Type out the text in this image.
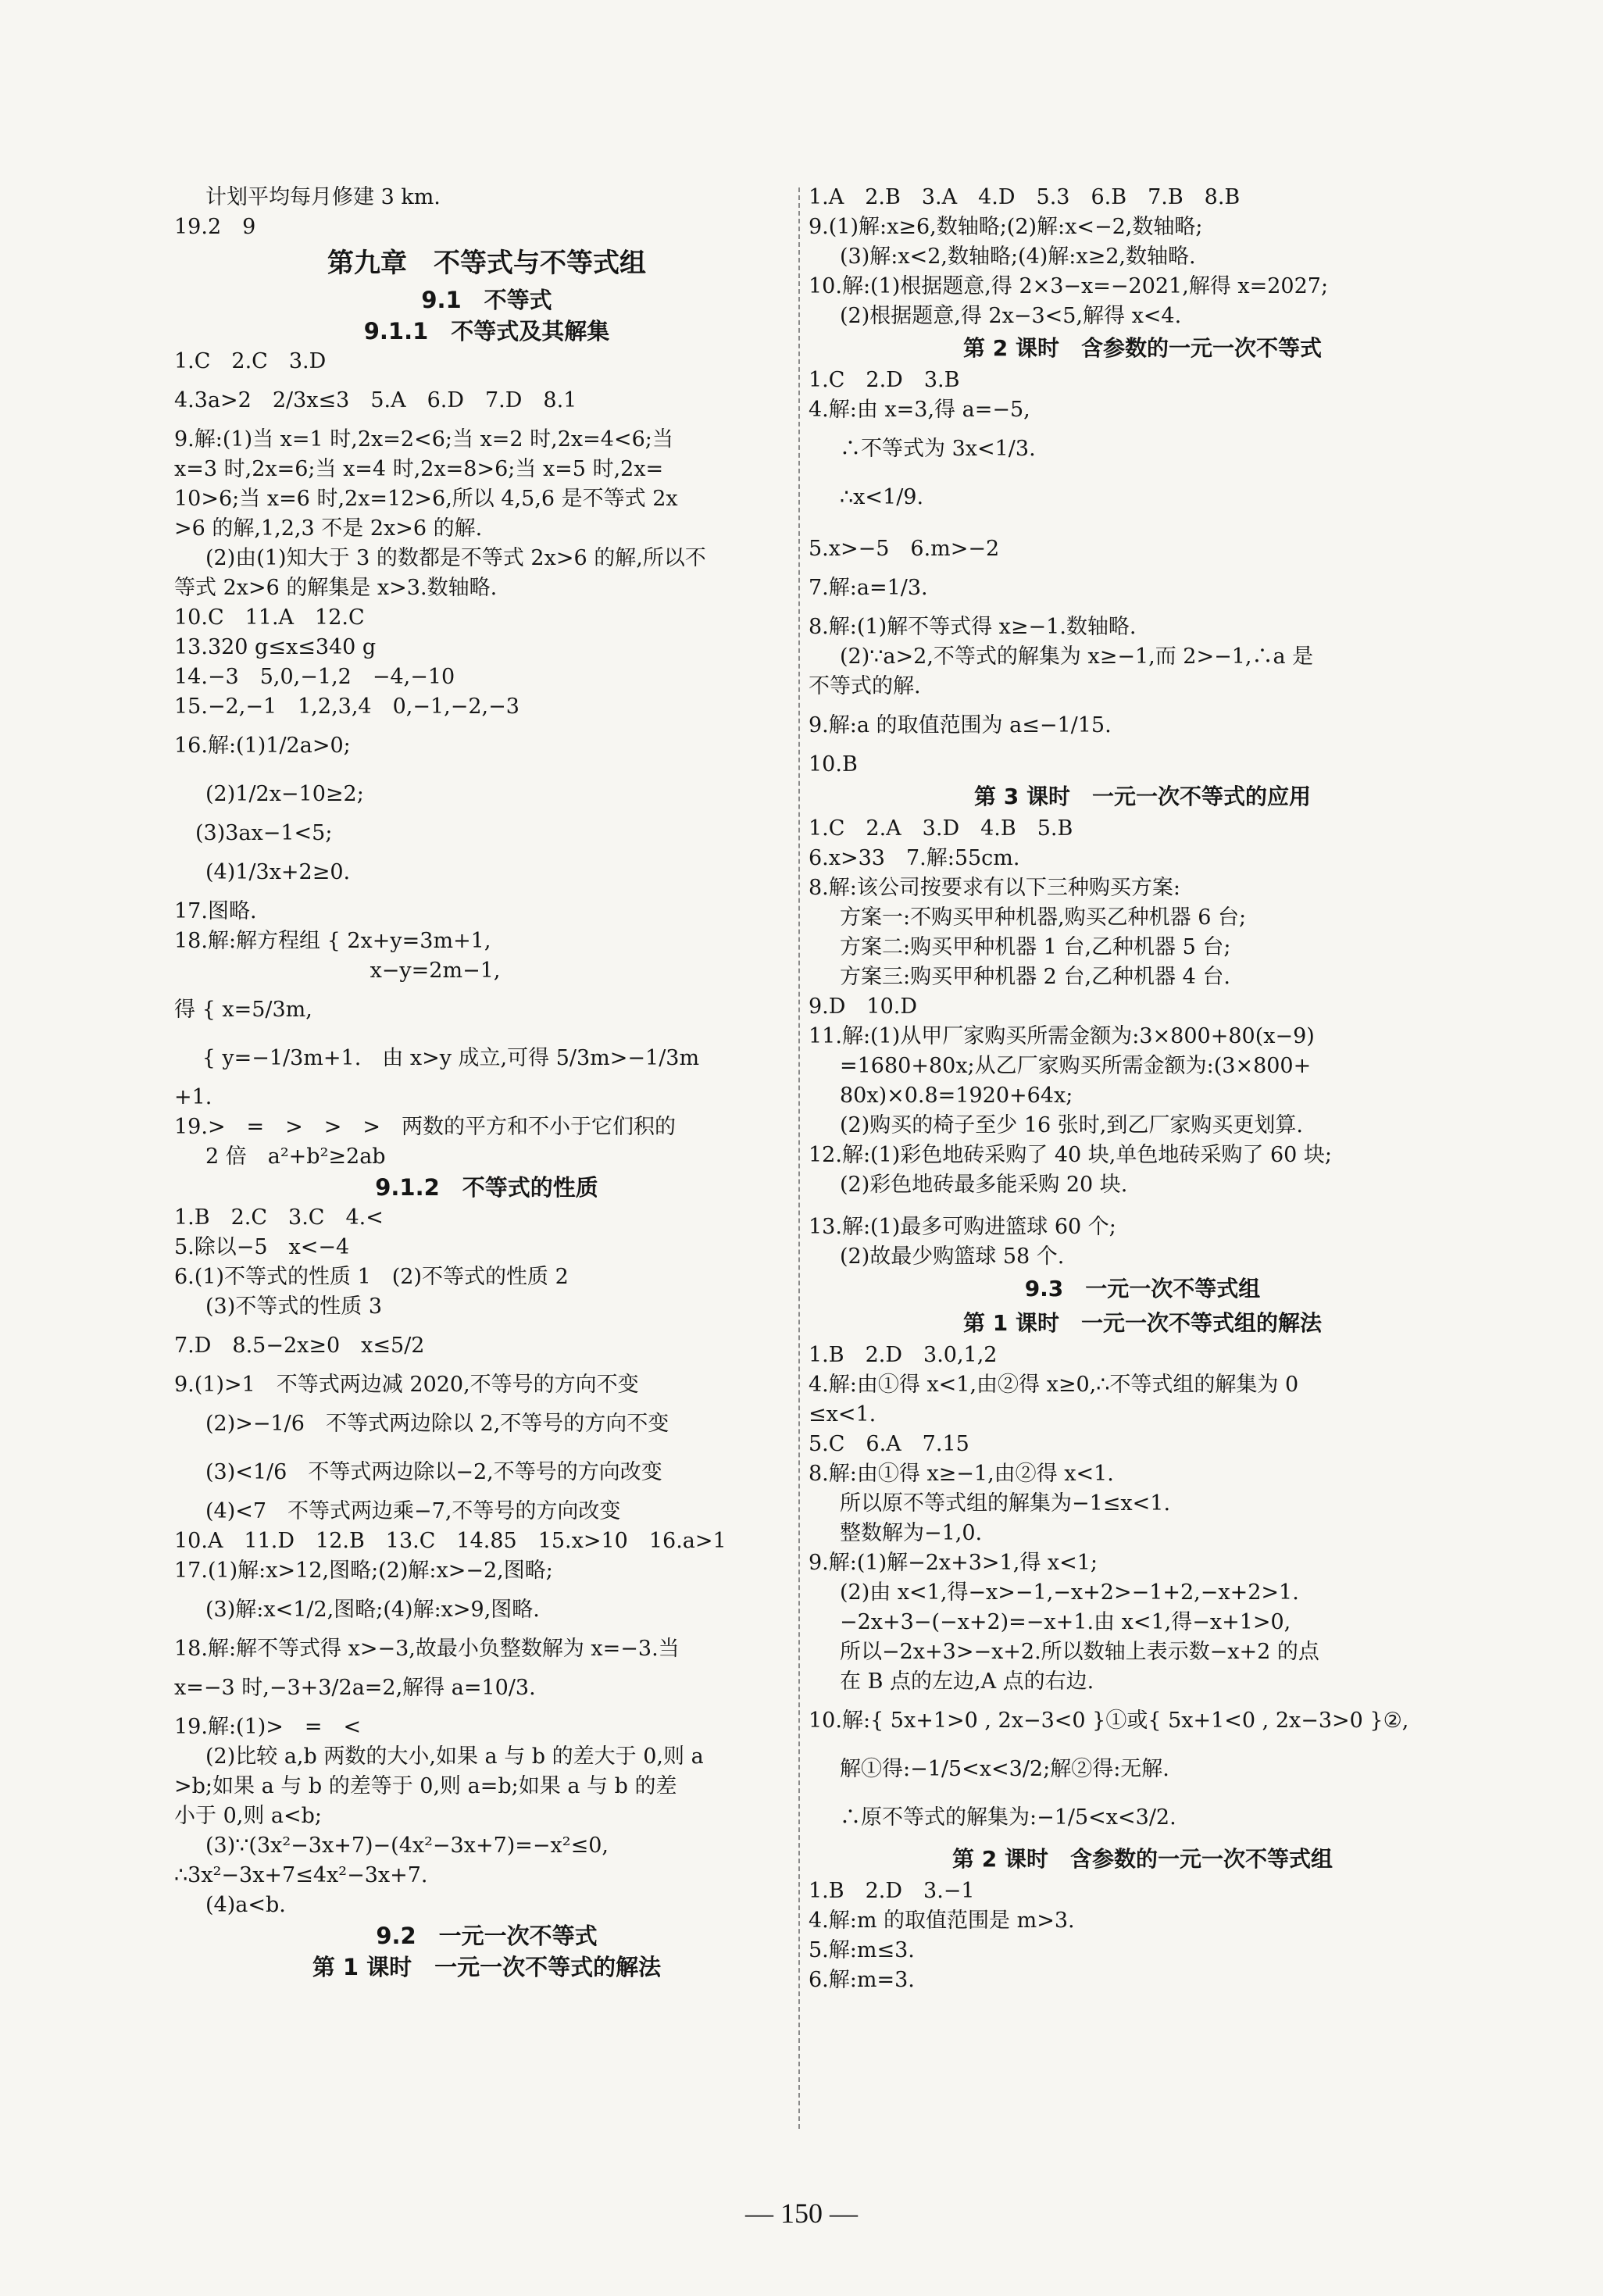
计划平均每月修建 3 km.
19.2　9
第九章　不等式与不等式组
9.1　不等式
9.1.1　不等式及其解集
1.C　2.C　3.D
4.3a>2　2/3x≤3　5.A　6.D　7.D　8.1
9.解:(1)当 x=1 时,2x=2<6;当 x=2 时,2x=4<6;当
x=3 时,2x=6;当 x=4 时,2x=8>6;当 x=5 时,2x=
10>6;当 x=6 时,2x=12>6,所以 4,5,6 是不等式 2x
>6 的解,1,2,3 不是 2x>6 的解.
(2)由(1)知大于 3 的数都是不等式 2x>6 的解,所以不
等式 2x>6 的解集是 x>3.数轴略.
10.C　11.A　12.C
13.320 g≤x≤340 g
14.−3　5,0,−1,2　−4,−10
15.−2,−1　1,2,3,4　0,−1,−2,−3
16.解:(1)1/2a>0;
(2)1/2x−10≥2;
　(3)3ax−1<5;
(4)1/3x+2≥0.
17.图略.
18.解:解方程组 { 2x+y=3m+1,
　　　　　　 x−y=2m−1,
得 { x=5/3m,
　 { y=−1/3m+1.　由 x>y 成立,可得 5/3m>−1/3m
+1.
19.>　=　>　>　>　两数的平方和不小于它们积的
2 倍　a²+b²≥2ab
9.1.2　不等式的性质
1.B　2.C　3.C　4.<
5.除以−5　x<−4
6.(1)不等式的性质 1　(2)不等式的性质 2
(3)不等式的性质 3
7.D　8.5−2x≥0　x≤5/2
9.(1)>1　不等式两边减 2020,不等号的方向不变
(2)>−1/6　不等式两边除以 2,不等号的方向不变
(3)<1/6　不等式两边除以−2,不等号的方向改变
(4)<7　不等式两边乘−7,不等号的方向改变
10.A　11.D　12.B　13.C　14.85　15.x>10　16.a>1
17.(1)解:x>12,图略;(2)解:x>−2,图略;
(3)解:x<1/2,图略;(4)解:x>9,图略.
18.解:解不等式得 x>−3,故最小负整数解为 x=−3.当
x=−3 时,−3+3/2a=2,解得 a=10/3.
19.解:(1)>　=　<
(2)比较 a,b 两数的大小,如果 a 与 b 的差大于 0,则 a
>b;如果 a 与 b 的差等于 0,则 a=b;如果 a 与 b 的差
小于 0,则 a<b;
(3)∵(3x²−3x+7)−(4x²−3x+7)=−x²≤0,
∴3x²−3x+7≤4x²−3x+7.
(4)a<b.
9.2　一元一次不等式
第 1 课时　一元一次不等式的解法
1.A　2.B　3.A　4.D　5.3　6.B　7.B　8.B
9.(1)解:x≥6,数轴略;(2)解:x<−2,数轴略;
(3)解:x<2,数轴略;(4)解:x≥2,数轴略.
10.解:(1)根据题意,得 2×3−x=−2021,解得 x=2027;
(2)根据题意,得 2x−3<5,解得 x<4.
第 2 课时　含参数的一元一次不等式
1.C　2.D　3.B
4.解:由 x=3,得 a=−5,
∴不等式为 3x<1/3.
∴x<1/9.
5.x>−5　6.m>−2
7.解:a=1/3.
8.解:(1)解不等式得 x≥−1.数轴略.
(2)∵a>2,不等式的解集为 x≥−1,而 2>−1,∴a 是
不等式的解.
9.解:a 的取值范围为 a≤−1/15.
10.B
第 3 课时　一元一次不等式的应用
1.C　2.A　3.D　4.B　5.B
6.x>33　7.解:55cm.
8.解:该公司按要求有以下三种购买方案:
方案一:不购买甲种机器,购买乙种机器 6 台;
方案二:购买甲种机器 1 台,乙种机器 5 台;
方案三:购买甲种机器 2 台,乙种机器 4 台.
9.D　10.D
11.解:(1)从甲厂家购买所需金额为:3×800+80(x−9)
=1680+80x;从乙厂家购买所需金额为:(3×800+
80x)×0.8=1920+64x;
(2)购买的椅子至少 16 张时,到乙厂家购买更划算.
12.解:(1)彩色地砖采购了 40 块,单色地砖采购了 60 块;
(2)彩色地砖最多能采购 20 块.
13.解:(1)最多可购进篮球 60 个;
(2)故最少购篮球 58 个.
9.3　一元一次不等式组
第 1 课时　一元一次不等式组的解法
1.B　2.D　3.0,1,2
4.解:由①得 x<1,由②得 x≥0,∴不等式组的解集为 0
≤x<1.
5.C　6.A　7.15
8.解:由①得 x≥−1,由②得 x<1.
所以原不等式组的解集为−1≤x<1.
整数解为−1,0.
9.解:(1)解−2x+3>1,得 x<1;
(2)由 x<1,得−x>−1,−x+2>−1+2,−x+2>1.
−2x+3−(−x+2)=−x+1.由 x<1,得−x+1>0,
所以−2x+3>−x+2.所以数轴上表示数−x+2 的点
在 B 点的左边,A 点的右边.
10.解:{ 5x+1>0 , 2x−3<0 }①或{ 5x+1<0 , 2x−3>0 }②,
解①得:−1/5<x<3/2;解②得:无解.
∴原不等式的解集为:−1/5<x<3/2.
第 2 课时　含参数的一元一次不等式组
1.B　2.D　3.−1
4.解:m 的取值范围是 m>3.
5.解:m≤3.
6.解:m=3.
— 150 —
